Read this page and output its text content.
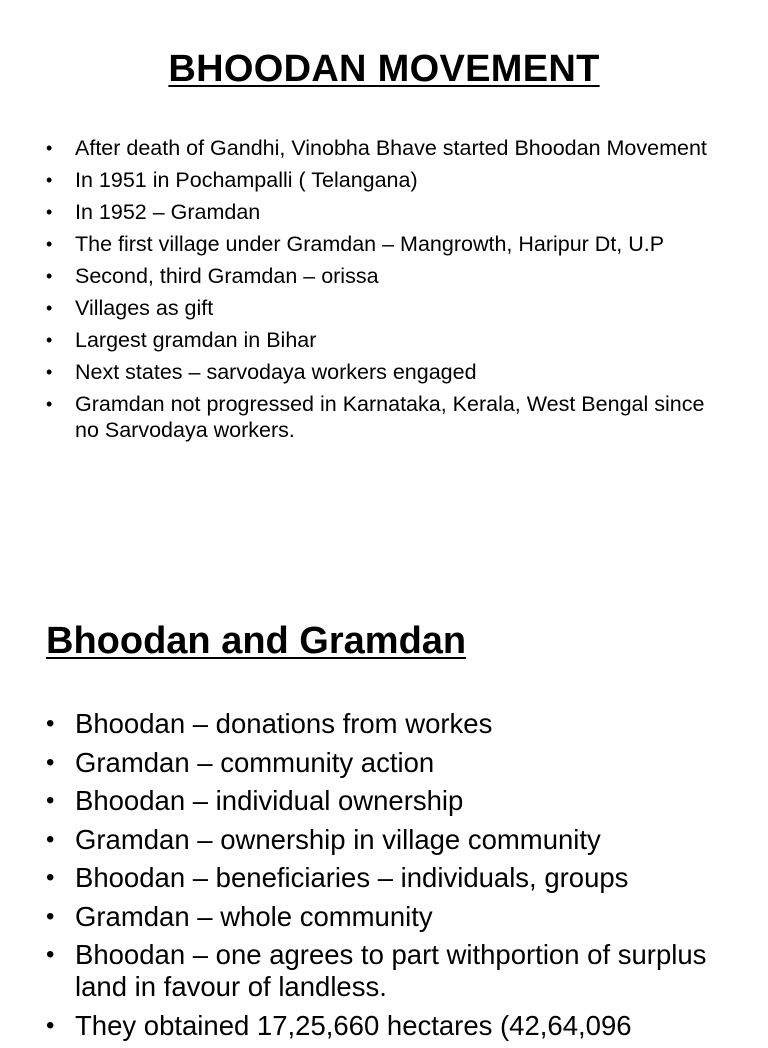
BHOODAN MOVEMENT
• After death of Gandhi, Vinobha Bhave started Bhoodan Movement
• In 1951 in Pochampalli ( Telangana)
• In 1952 – Gramdan
• The first village under Gramdan – Mangrowth, Haripur Dt, U.P
• Second, third Gramdan – orissa
• Villages as gift
• Largest gramdan in Bihar
• Next states – sarvodaya workers engaged
• Gramdan not progressed in Karnataka, Kerala, West Bengal since no Sarvodaya workers.
Bhoodan and Gramdan
• Bhoodan – donations from workes
• Gramdan – community action
• Bhoodan – individual ownership
• Gramdan – ownership in village community
• Bhoodan – beneficiaries – individuals, groups
• Gramdan – whole community
• Bhoodan – one agrees to part withportion of surplus land in favour of landless.
• They obtained 17,25,660 hectares (42,64,096
